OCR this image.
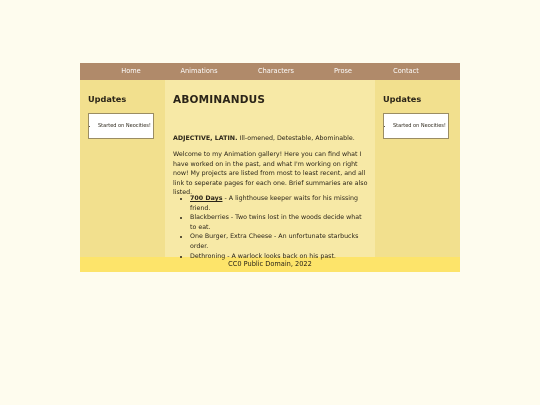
Home	Animations	Characters	Prose	Contact
Updates
• Started on Neocities!
ABOMINANDUS
ADJECTIVE, LATIN. Ill-omened, Detestable, Abominable.

Welcome to my Animation gallery! Here you can find what I have worked on in the past, and what I'm working on right now! My projects are listed from most to least recent, and all link to seperate pages for each one. Brief summaries are also listed.

• 700 Days - A lighthouse keeper waits for his missing friend.
• Blackberries - Two twins lost in the woods decide what to eat.
• One Burger, Extra Cheese - An unfortunate starbucks order.
• Dethroning - A warlock looks back on his past.
Updates
• Started on Neocities!
CC0 Public Domain, 2022
